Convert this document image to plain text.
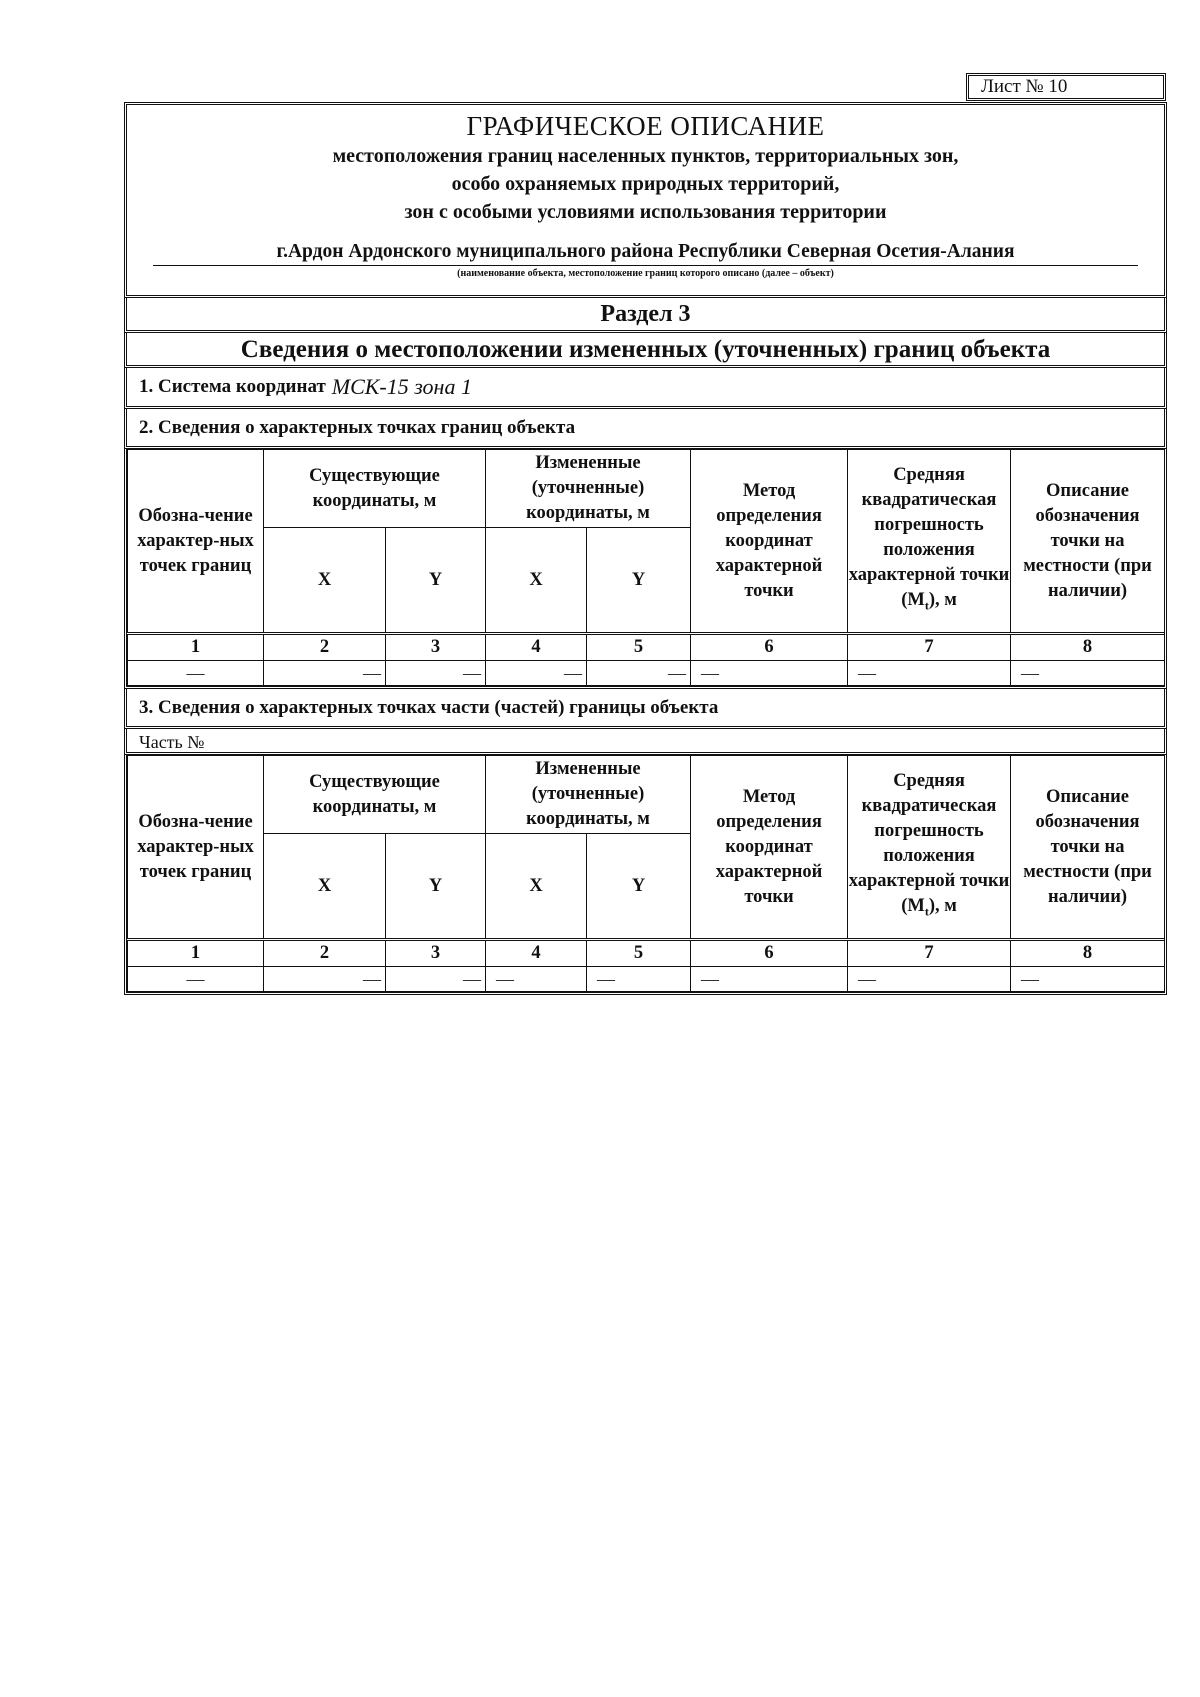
Лист № 10
ГРАФИЧЕСКОЕ ОПИСАНИЕ
местоположения границ населенных пунктов, территориальных зон,
особо охраняемых природных территорий,
зон с особыми условиями использования территории
г.Ардон Ардонского муниципального района Республики Северная Осетия-Алания
(наименование объекта, местоположение границ которого описано (далее – объект)
Раздел 3
Сведения о местоположении измененных (уточненных) границ объекта
1. Система координат МСК-15 зона 1
2. Сведения о характерных точках границ объекта
Обозна-чение характер-ных точек границ	Существующие координаты, м		Измененные (уточненные) координаты, м		Метод определения координат характерной точки	Средняя квадратическая погрешность положения характерной точки $(M_t)$, м	Описание обозначения точки на местности (при наличии)
	X	Y	X	Y			
1	2	3	4	5	6	7	8
—	—	—	—	—	—	—	—
3. Сведения о характерных точках части (частей) границы объекта
Часть №
Обозна-чение характер-ных точек границ	Существующие координаты, м		Измененные (уточненные) координаты, м		Метод определения координат характерной точки	Средняя квадратическая погрешность положения характерной точки $(M_t)$, м	Описание обозначения точки на местности (при наличии)
	X	Y	X	Y			
1	2	3	4	5	6	7	8
—	—	—	—	—	—	—	—
